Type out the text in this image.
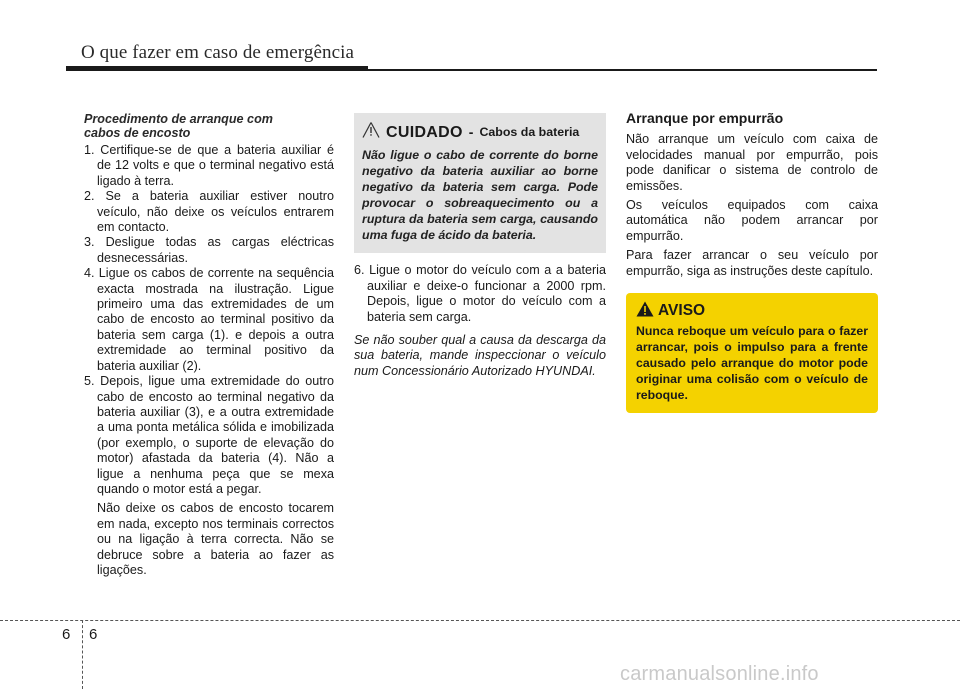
O que fazer em caso de emergência
Procedimento de arranque com
cabos de encosto
1. Certifique-se de que a bateria auxiliar é de 12 volts e que o terminal negativo está ligado à terra.
2. Se a bateria auxiliar estiver noutro veículo, não deixe os veículos entrarem em contacto.
3. Desligue todas as cargas eléctricas desnecessárias.
4. Ligue os cabos de corrente na sequência exacta mostrada na ilustração. Ligue primeiro uma das extremidades de um cabo de encosto ao terminal positivo da bateria sem carga (1). e depois a outra extremidade ao terminal positivo da bateria auxiliar (2).
5. Depois, ligue uma extremidade do outro cabo de encosto ao terminal negativo da bateria auxiliar (3), e a outra extremidade a uma ponta metálica sólida e imobilizada (por exemplo, o suporte de elevação do motor) afastada da bateria (4). Não a ligue a nenhuma peça que se mexa quando o motor está a pegar.
Não deixe os cabos de encosto tocarem em nada, excepto nos terminais correctos ou na ligação à terra correcta. Não se debruce sobre a bateria ao fazer as ligações.
CUIDADO - Cabos da bateria
Não ligue o cabo de corrente do borne negativo da bateria auxiliar ao borne negativo da bateria sem carga. Pode provocar o sobreaquecimento ou a ruptura da bateria sem carga, causando uma fuga de ácido da bateria.
6. Ligue o motor do veículo com a a bateria auxiliar e deixe-o funcionar a 2000 rpm. Depois, ligue o motor do veículo com a bateria sem carga.
Se não souber qual a causa da descarga da sua bateria, mande inspeccionar o veículo num Concessionário Autorizado HYUNDAI.
Arranque por empurrão

Não arranque um veículo com caixa de velocidades manual por empurrão, pois pode danificar o sistema de controlo de emissões.

Os veículos equipados com caixa automática não podem arrancar por empurrão.

Para fazer arrancar o seu veículo por empurrão, siga as instruções deste capítulo.

AVISO
Nunca reboque um veículo para o fazer arrancar, pois o impulso para a frente causado pelo arranque do motor pode originar uma colisão com o veículo de reboque.
6 6
carmanualsonline.info
